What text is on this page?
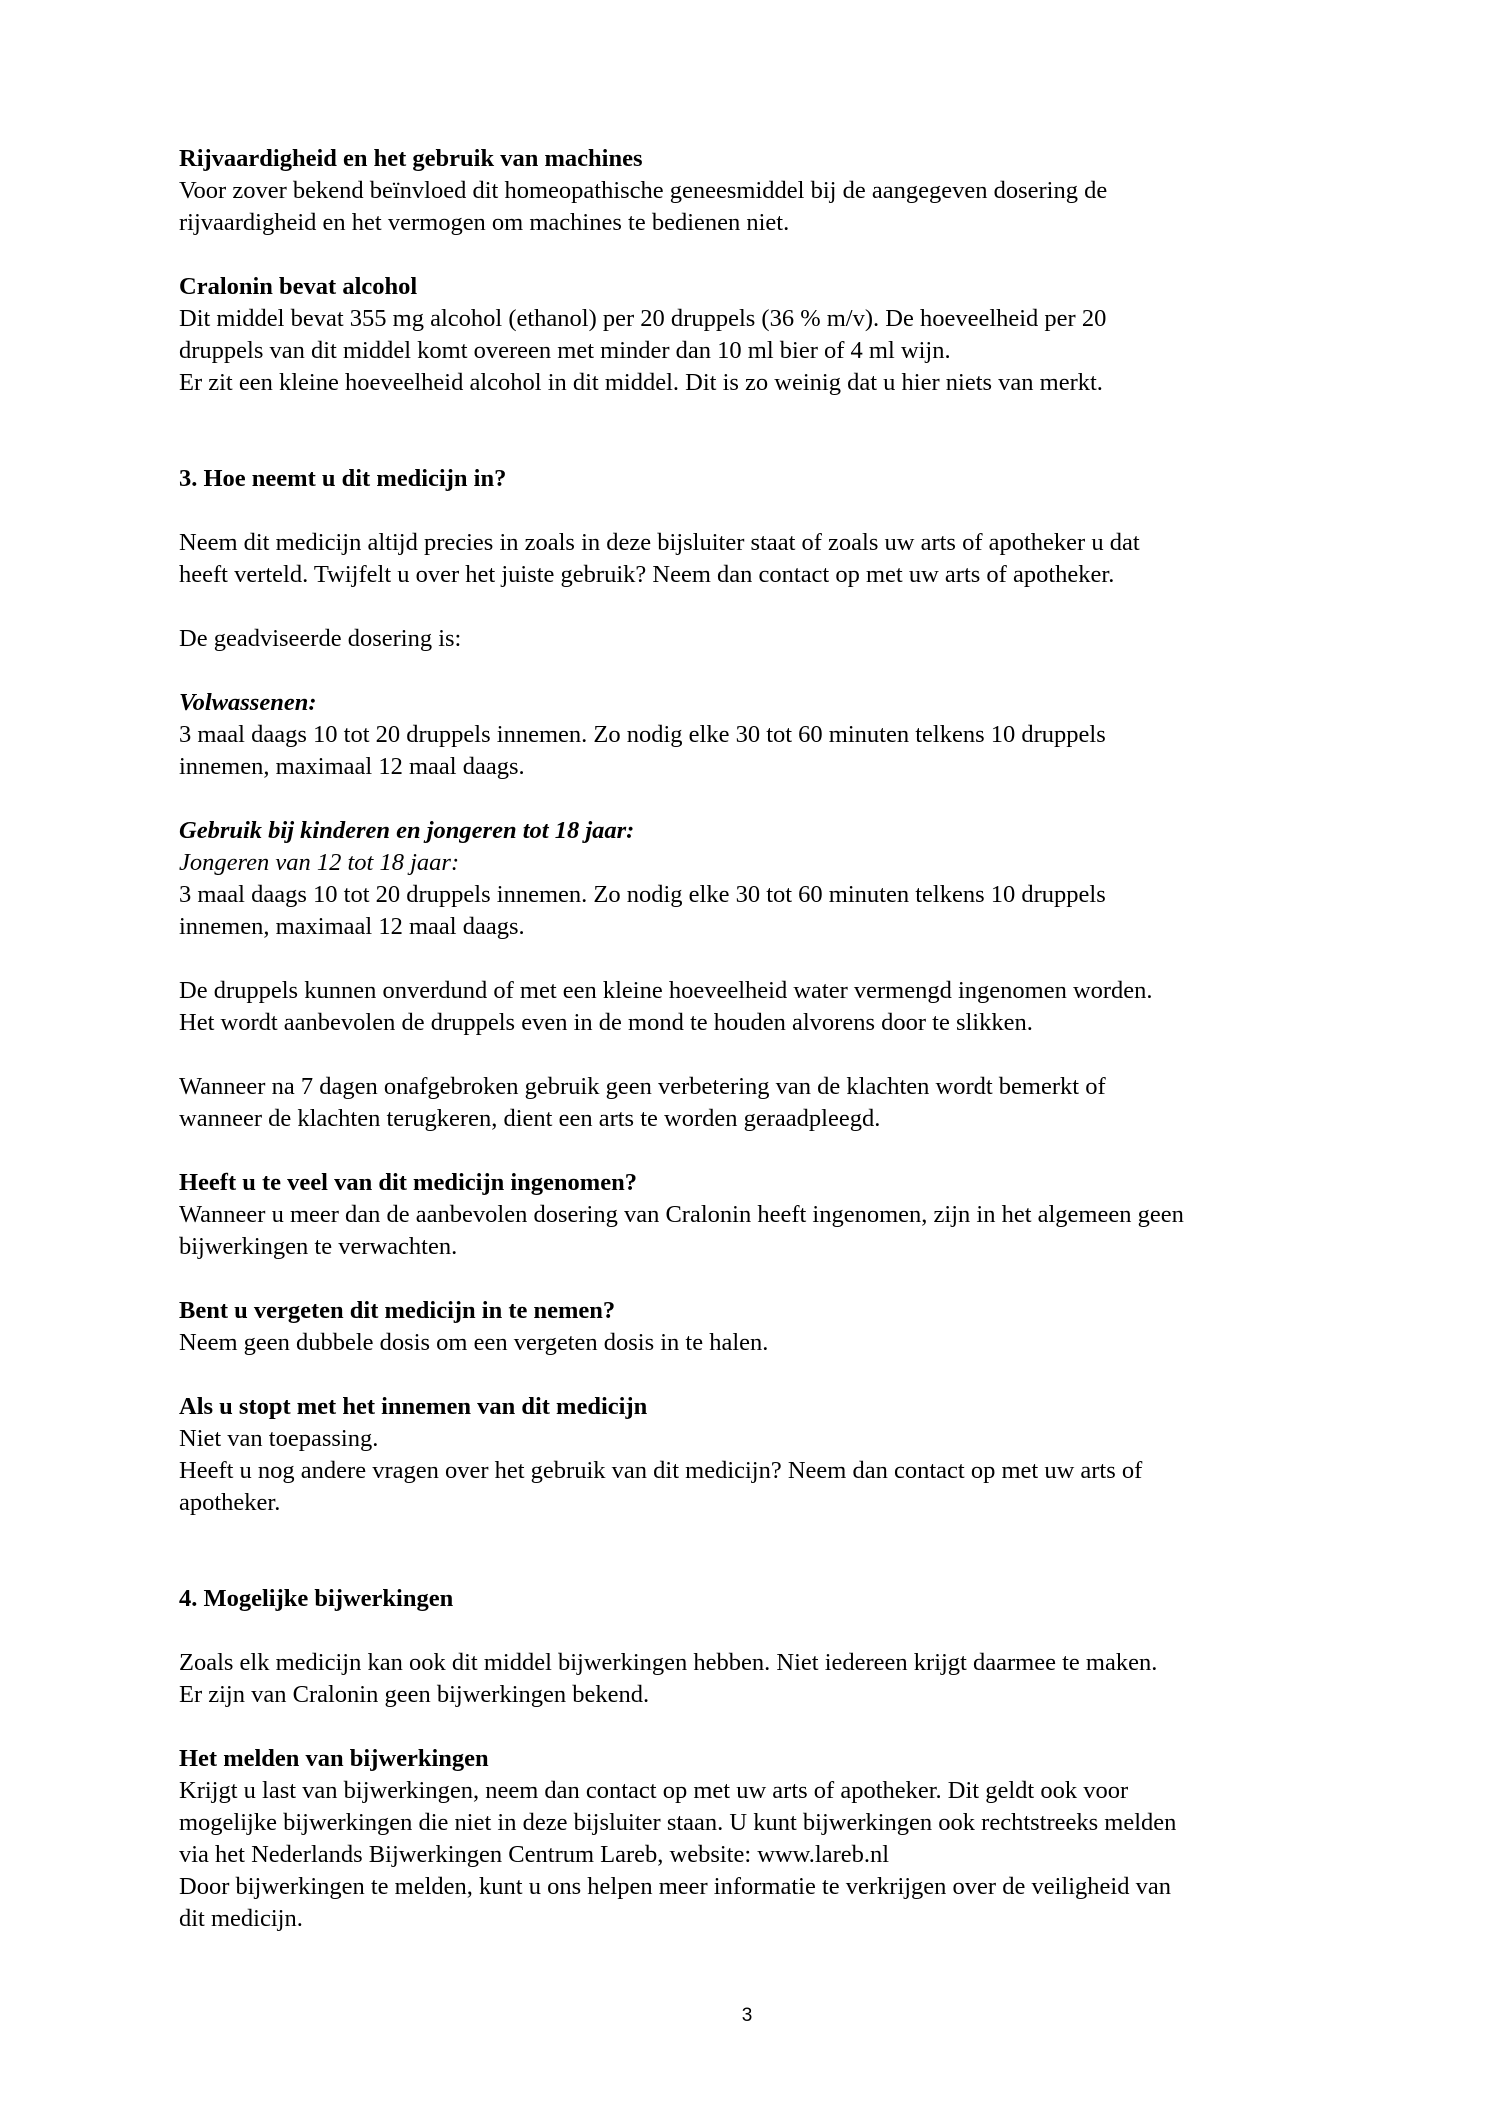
Rijvaardigheid en het gebruik van machines

Voor zover bekend beïnvloed dit homeopathische geneesmiddel bij de aangegeven dosering de

rijvaardigheid en het vermogen om machines te bedienen niet.

Cralonin bevat alcohol

Dit middel bevat 355 mg alcohol (ethanol) per 20 druppels (36 % m/v). De hoeveelheid per 20

druppels van dit middel komt overeen met minder dan 10 ml bier of 4 ml wijn.

Er zit een kleine hoeveelheid alcohol in dit middel. Dit is zo weinig dat u hier niets van merkt.

3. Hoe neemt u dit medicijn in?

Neem dit medicijn altijd precies in zoals in deze bijsluiter staat of zoals uw arts of apotheker u dat

heeft verteld. Twijfelt u over het juiste gebruik? Neem dan contact op met uw arts of apotheker.

De geadviseerde dosering is:

Volwassenen:

3 maal daags 10 tot 20 druppels innemen. Zo nodig elke 30 tot 60 minuten telkens 10 druppels

innemen, maximaal 12 maal daags.

Gebruik bij kinderen en jongeren tot 18 jaar:

Jongeren van 12 tot 18 jaar:

3 maal daags 10 tot 20 druppels innemen. Zo nodig elke 30 tot 60 minuten telkens 10 druppels

innemen, maximaal 12 maal daags.

De druppels kunnen onverdund of met een kleine hoeveelheid water vermengd ingenomen worden.

Het wordt aanbevolen de druppels even in de mond te houden alvorens door te slikken.

Wanneer na 7 dagen onafgebroken gebruik geen verbetering van de klachten wordt bemerkt of

wanneer de klachten terugkeren, dient een arts te worden geraadpleegd.

Heeft u te veel van dit medicijn ingenomen?

Wanneer u meer dan de aanbevolen dosering van Cralonin heeft ingenomen, zijn in het algemeen geen

bijwerkingen te verwachten.

Bent u vergeten dit medicijn in te nemen?

Neem geen dubbele dosis om een vergeten dosis in te halen.

Als u stopt met het innemen van dit medicijn

Niet van toepassing.

Heeft u nog andere vragen over het gebruik van dit medicijn? Neem dan contact op met uw arts of

apotheker.

4. Mogelijke bijwerkingen

Zoals elk medicijn kan ook dit middel bijwerkingen hebben. Niet iedereen krijgt daarmee te maken.

Er zijn van Cralonin geen bijwerkingen bekend.

Het melden van bijwerkingen

Krijgt u last van bijwerkingen, neem dan contact op met uw arts of apotheker. Dit geldt ook voor

mogelijke bijwerkingen die niet in deze bijsluiter staan. U kunt bijwerkingen ook rechtstreeks melden

via het Nederlands Bijwerkingen Centrum Lareb, website: www.lareb.nl

Door bijwerkingen te melden, kunt u ons helpen meer informatie te verkrijgen over de veiligheid van

dit medicijn.

3
